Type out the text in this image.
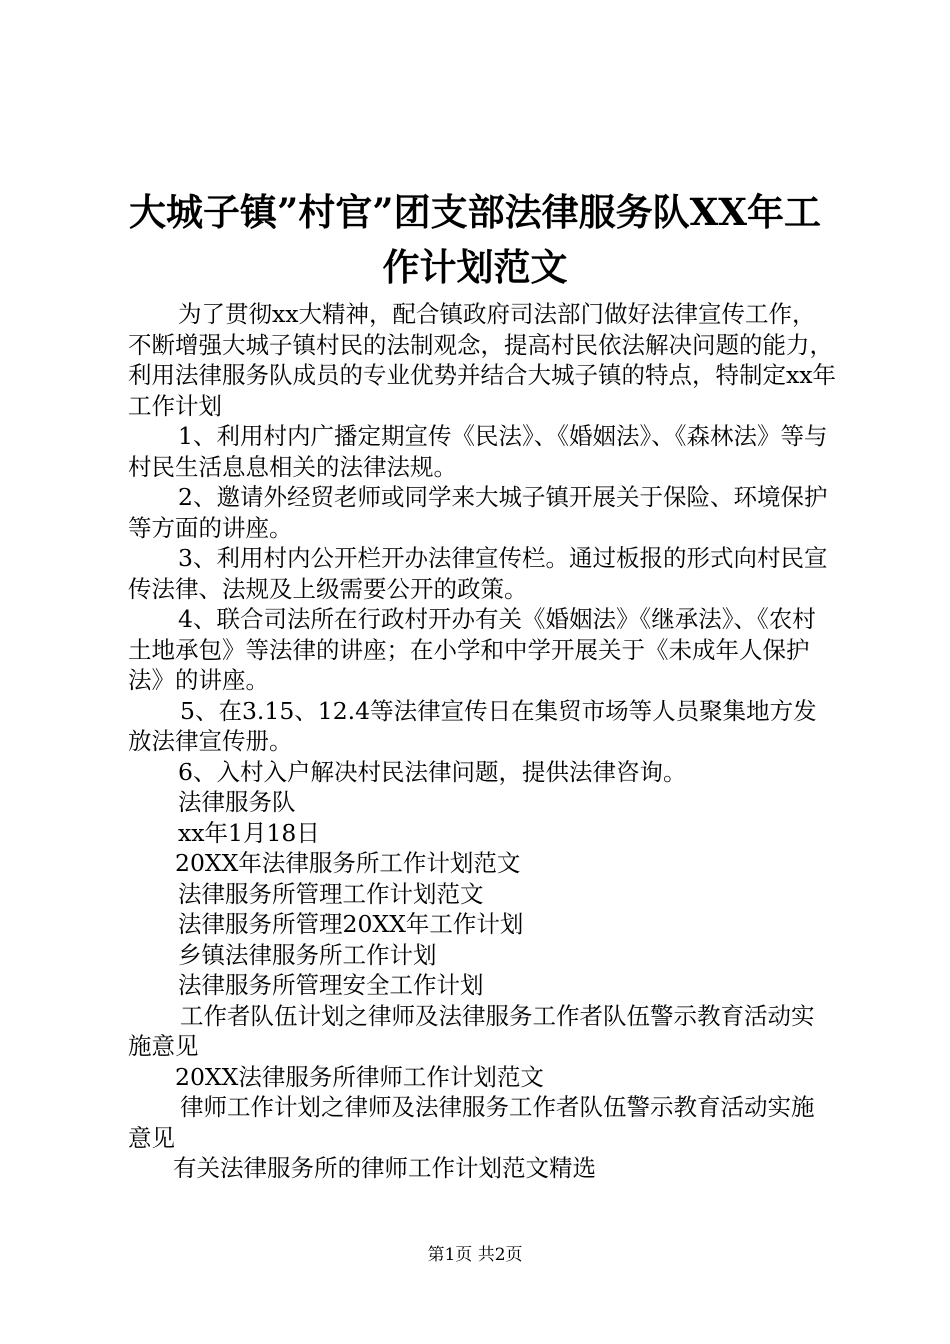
大城子镇”村官”团支部法律服务队XX年工
作计划范文

为了贯彻xx大精神，配合镇政府司法部门做好法律宣传工作，不断增强大城子镇村民的法制观念，提高村民依法解决问题的能力，利用法律服务队成员的专业优势并结合大城子镇的特点，特制定xx年工作计划

1、利用村内广播定期宣传《民法》、《婚姻法》、《森林法》等与村民生活息息相关的法律法规。

2、邀请外经贸老师或同学来大城子镇开展关于保险、环境保护等方面的讲座。

3、利用村内公开栏开办法律宣传栏。通过板报的形式向村民宣传法律、法规及上级需要公开的政策。

4、联合司法所在行政村开办有关《婚姻法》《继承法》、《农村土地承包》等法律的讲座；在小学和中学开展关于《未成年人保护法》的讲座。

5、在3.15、12.4等法律宣传日在集贸市场等人员聚集地方发放法律宣传册。

6、入村入户解决村民法律问题，提供法律咨询。

法律服务队

xx年1月18日

20XX年法律服务所工作计划范文

法律服务所管理工作计划范文

法律服务所管理20XX年工作计划

乡镇法律服务所工作计划

法律服务所管理安全工作计划

工作者队伍计划之律师及法律服务工作者队伍警示教育活动实施意见

20XX法律服务所律师工作计划范文

律师工作计划之律师及法律服务工作者队伍警示教育活动实施意见

有关法律服务所的律师工作计划范文精选

第1页 共2页
